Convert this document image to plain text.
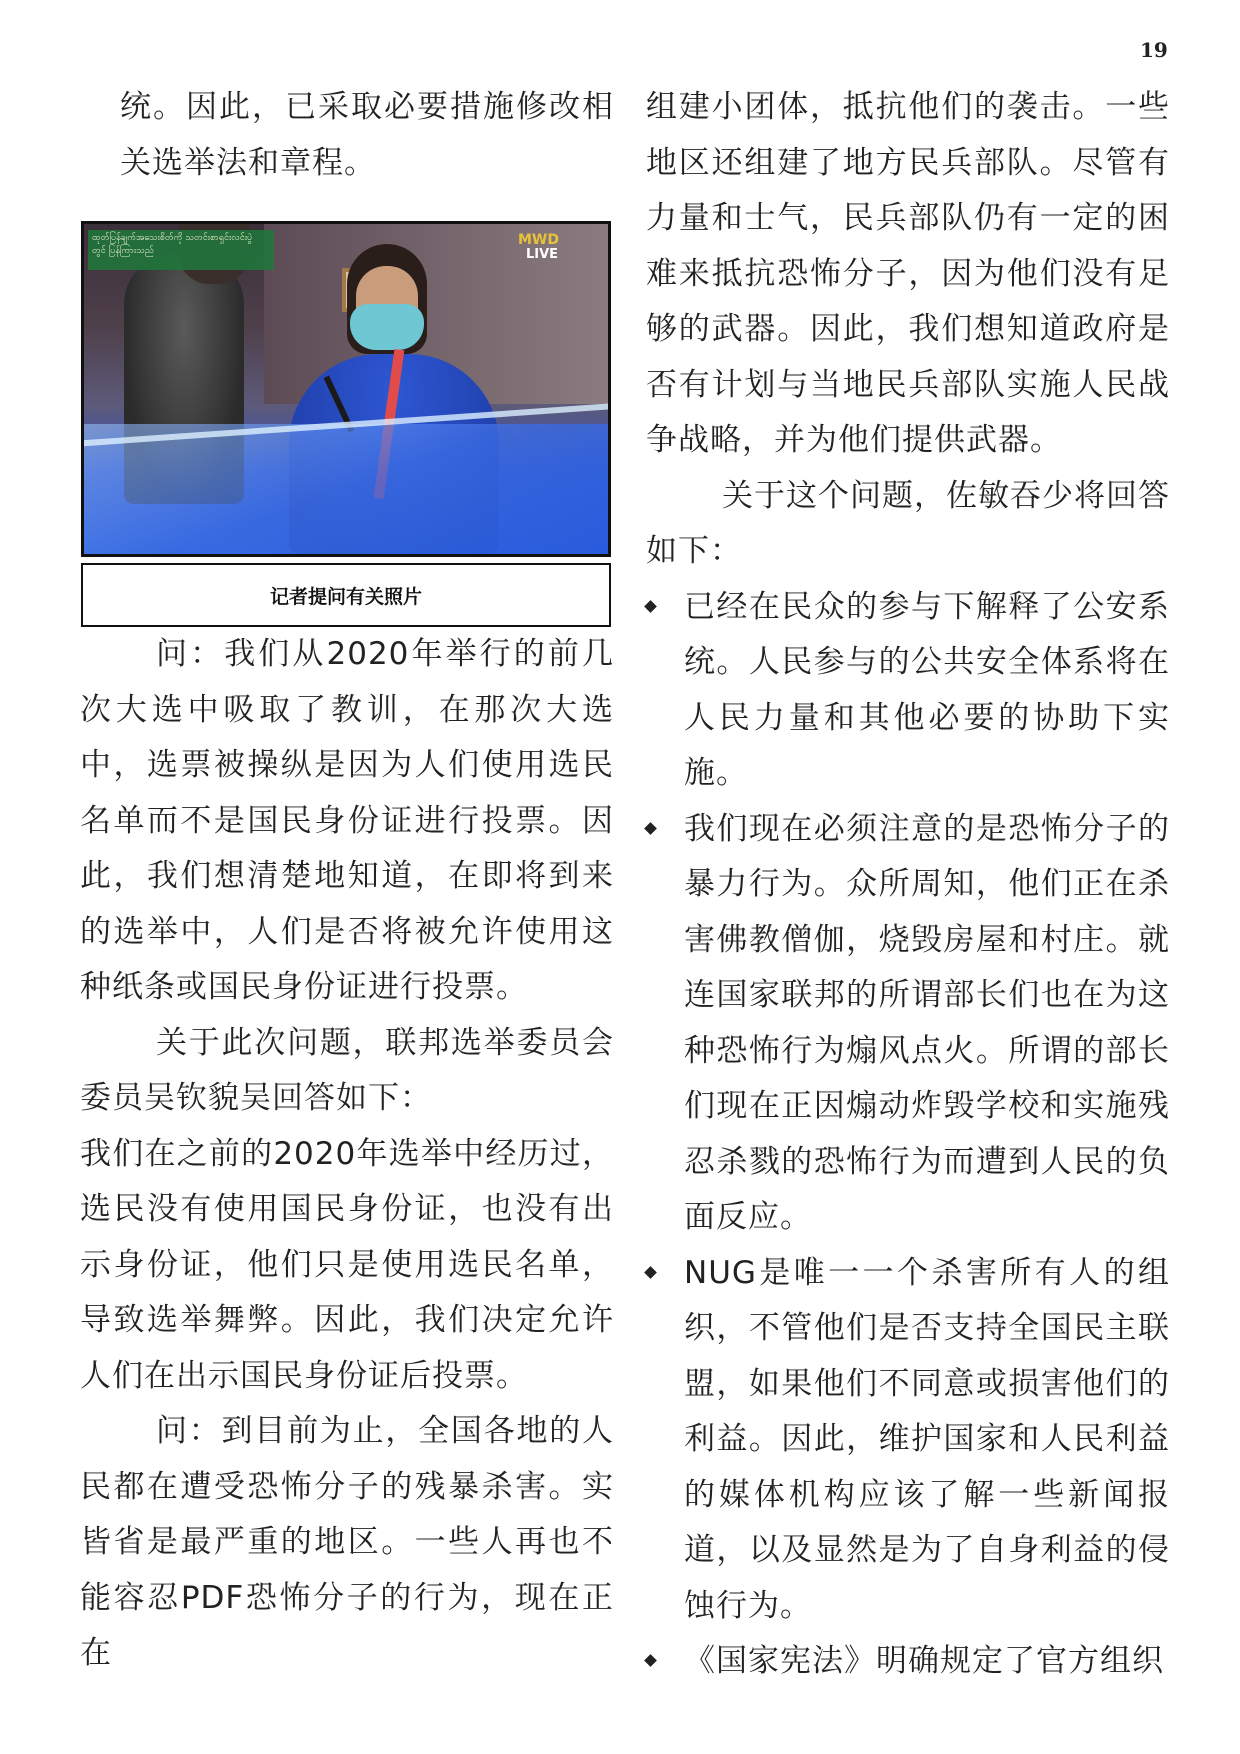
19

统。因此，已采取必要措施修改相关选举法和章程。

ထုတ်ပြန်ချက်အသေးစိတ်ကို သတင်းစာရှင်းလင်းပွဲ
တွင် ပြန်ကြားသည်
MWD
LIVE
记者提问有关照片

问：我们从2020年举行的前几次大选中吸取了教训，在那次大选中，选票被操纵是因为人们使用选民名单而不是国民身份证进行投票。因此，我们想清楚地知道，在即将到来的选举中，人们是否将被允许使用这种纸条或国民身份证进行投票。

关于此次问题，联邦选举委员会委员吴钦貌吴回答如下：

我们在之前的2020年选举中经历过，选民没有使用国民身份证，也没有出示身份证，他们只是使用选民名单，导致选举舞弊。因此，我们决定允许人们在出示国民身份证后投票。

问：到目前为止，全国各地的人民都在遭受恐怖分子的残暴杀害。实皆省是最严重的地区。一些人再也不能容忍PDF恐怖分子的行为，现在正在

组建小团体，抵抗他们的袭击。一些地区还组建了地方民兵部队。尽管有力量和士气，民兵部队仍有一定的困难来抵抗恐怖分子，因为他们没有足够的武器。因此，我们想知道政府是否有计划与当地民兵部队实施人民战争战略，并为他们提供武器。

关于这个问题，佐敏吞少将回答如下：

已经在民众的参与下解释了公安系统。人民参与的公共安全体系将在人民力量和其他必要的协助下实施。

我们现在必须注意的是恐怖分子的暴力行为。众所周知，他们正在杀害佛教僧伽，烧毁房屋和村庄。就连国家联邦的所谓部长们也在为这种恐怖行为煽风点火。所谓的部长们现在正因煽动炸毁学校和实施残忍杀戮的恐怖行为而遭到人民的负面反应。

NUG是唯一一个杀害所有人的组织，不管他们是否支持全国民主联盟，如果他们不同意或损害他们的利益。因此，维护国家和人民利益的媒体机构应该了解一些新闻报道，以及显然是为了自身利益的侵蚀行为。

《国家宪法》明确规定了官方组织
